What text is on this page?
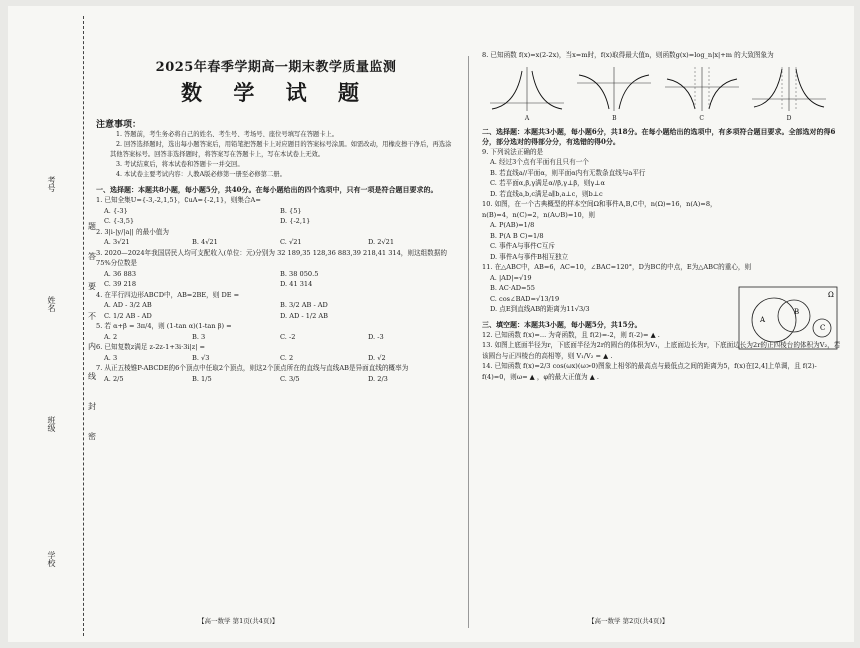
考号
姓名
班级
学校
题
答
要
不
内
线
封
密
2025年春季学期高一期末教学质量监测
数 学 试 题
注意事项：
1. 答题前，考生务必将自己的姓名、考生号、考场号、座位号填写在答题卡上。
2. 回答选择题时，选出每小题答案后，用铅笔把答题卡上对应题目的答案标号涂黑。如需改动，用橡皮擦干净后，再选涂其他答案标号。回答非选择题时，将答案写在答题卡上，写在本试卷上无效。
3. 考试结束后，将本试卷和答题卡一并交回。
4. 本试卷主要考试内容：人教A版必修第一册至必修第二册。
一、选择题：本题共8小题，每小题5分，共40分。在每小题给出的四个选项中，只有一项是符合题目要求的。
1. 已知全集U={-3,-2,1,5}，∁uA={-2,1}，则集合A=
A. {-3}	B. {5}
C. {-3,5}	D. {-2,1}
2. 3|i-|y/|a|| 的最小值为
A. 3√21	B. 4√21	C. √21	D. 2√21
3. 2020—2024年我国居民人均可支配收入(单位：元)分别为 32 189,35 128,36 883,39 218,41 314，则这组数据的75%分位数是
A. 36 883	B. 38 050.5
C. 39 218	D. 41 314
4. 在平行四边形ABCD中，AB=2BE，则 DE =
A. AD - 3/2 AB	B. 3/2 AB - AD
C. 1/2 AB - AD	D. AD - 1/2 AB
5. 若 α+β = 3π/4，则 (1-tan α)(1-tan β) =
A. 2	B. 3	C. -2	D. -3
6. 已知复数z满足 z-2z-1+3i·3i|z| =
A. 3	B. √3	C. 2	D. √2
7. 从正五棱锥P-ABCDE的6个顶点中任取2个顶点，则这2个顶点所在的直线与直线AB是异面直线的概率为
A. 2/5	B. 1/5	C. 3/5	D. 2/3
8. 已知函数 f(x)=x(2-2x)，当x=m时，f(x)取得最大值n，则函数g(x)=log_n|x|+m 的大致图象为
A	B	C	D
二、选择题：本题共3小题，每小题6分，共18分。在每小题给出的选项中，有多项符合题目要求。全部选对的得6分，部分选对的得部分分，有选错的得0分。
9. 下列说法正确的是
A. 经过3个点有平面有且只有一个
B. 若直线a//平面α，则平面α内有无数条直线与a平行
C. 若平面α,β,γ满足α//β,γ⊥β，则γ⊥α
D. 若直线a,b,c满足a∥b,a⊥c，则b⊥c
10. 如图，在一个古典概型的样本空间Ω和事件A,B,C中，n(Ω)=16，n(A)=8，n(B)=4，n(C)=2，n(A∪B)=10，则
A. P(AB)=1/8
B. P(A B C)=1/8
C. 事件A与事件C互斥
D. 事件A与事件B相互独立
11. 在△ABC中，AB=6，AC=10，∠BAC=120°，D为BC的中点，E为△ABC的重心，则
A. |AD|=√19
B. AC·AD=55
C. cos∠BAD=√13/19
D. 点E到直线AB的距离为11√3/3
三、填空题：本题共3小题，每小题5分，共15分。
12. 已知函数 f(x)=... 为奇函数，且 f(2)=-2，则 f(-2)= ▲ .
13. 如图上底面半径为r，下底面半径为2r的圆台的体积为V₁，上底面边长为r，下底面边长为2r的正四棱台的体积为V₂，若该圆台与正四棱台的高相等，则 V₁/V₂ = ▲ .
14. 已知函数 f(x)=2/3 cos(ωx)(ω>0)图象上相邻的最高点与最低点之间的距离为5，f(x)在[2,4]上单调，且 f(2)-f(4)=0，则ω= ▲ ，φ的最大正值为 ▲ .
Ω
A
B
C
【高一数学 第1页(共4页)】	【高一数学 第2页(共4页)】
